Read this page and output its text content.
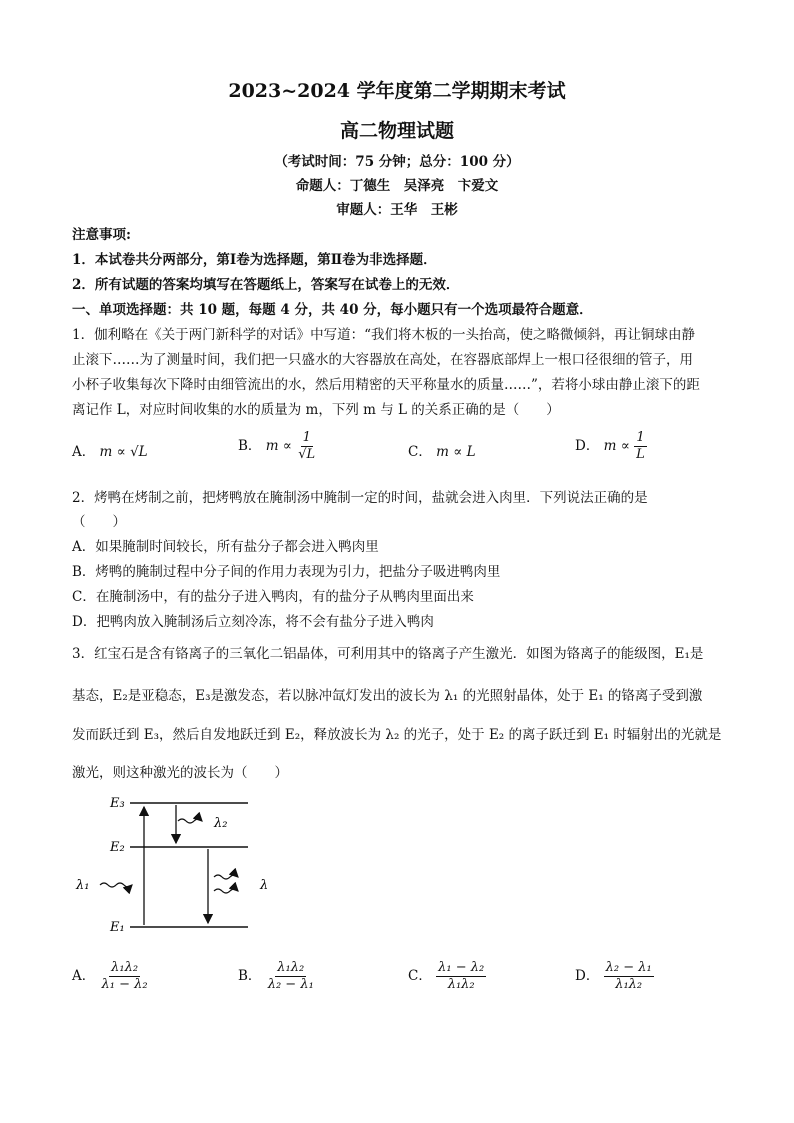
2023~2024 学年度第二学期期末考试
高二物理试题
（考试时间：75 分钟；总分：100 分）
命题人：丁德生　吴泽亮　卞爱文
审题人：王华　王彬
注意事项:
1．本试卷共分两部分，第Ⅰ卷为选择题，第Ⅱ卷为非选择题．
2．所有试题的答案均填写在答题纸上，答案写在试卷上的无效．
一、单项选择题：共 10 题，每题 4 分，共 40 分，每小题只有一个选项最符合题意．
1．伽利略在《关于两门新科学的对话》中写道：“我们将木板的一头抬高，使之略微倾斜，再让铜球由静
止滚下……为了测量时间，我们把一只盛水的大容器放在高处，在容器底部焊上一根口径很细的管子，用
小杯子收集每次下降时由细管流出的水，然后用精密的天平称量水的质量……”，若将小球由静止滚下的距
离记作 L，对应时间收集的水的质量为 m，下列 m 与 L 的关系正确的是（　　）
A． m ∝ √L	B． $m \propto \frac{1}{√L}$	C． m ∝ L	D． $m \propto \frac{1}{L}$
2．烤鸭在烤制之前，把烤鸭放在腌制汤中腌制一定的时间，盐就会进入肉里．下列说法正确的是
（　　）
A．如果腌制时间较长，所有盐分子都会进入鸭肉里
B．烤鸭的腌制过程中分子间的作用力表现为引力，把盐分子吸进鸭肉里
C．在腌制汤中，有的盐分子进入鸭肉，有的盐分子从鸭肉里面出来
D．把鸭肉放入腌制汤后立刻冷冻，将不会有盐分子进入鸭肉
3．红宝石是含有铬离子的三氧化二铝晶体，可利用其中的铬离子产生激光．如图为铬离子的能级图，E₁是
基态，E₂是亚稳态，E₃是激发态，若以脉冲氙灯发出的波长为 λ₁ 的光照射晶体，处于 E₁ 的铬离子受到激
发而跃迁到 E₃，然后自发地跃迁到 E₂，释放波长为 λ₂ 的光子，处于 E₂ 的离子跃迁到 E₁ 时辐射出的光就是
激光，则这种激光的波长为（　　）
E₃
E₂
E₁
λ₂
λ₁	λ
A． $\frac{\text{λ₁λ₂}}{\text{λ₁ − λ₂}}$	B． $\frac{\text{λ₁λ₂}}{\text{λ₂ − λ₁}}$	C． $\frac{\text{λ₁ − λ₂}}{\text{λ₁λ₂}}$	D． $\frac{\text{λ₂ − λ₁}}{\text{λ₁λ₂}}$
